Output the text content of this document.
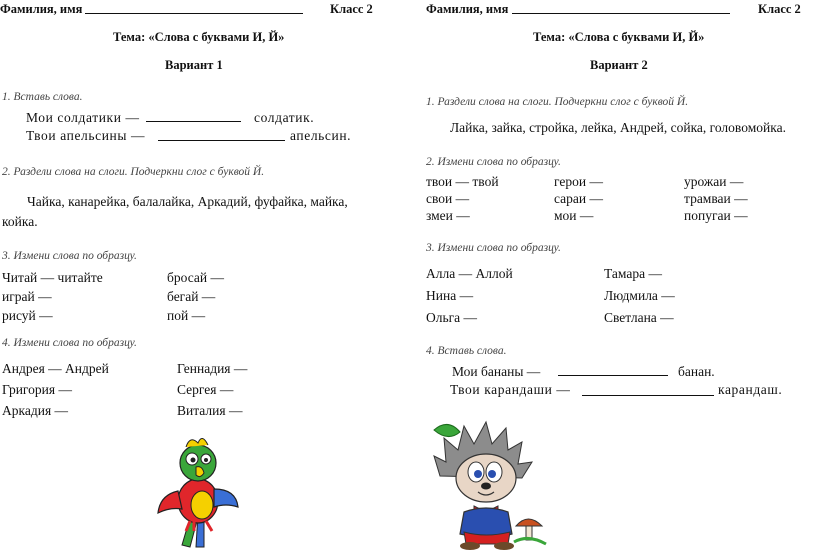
Фамилия, имя	Класс 2
Тема: «Слова с буквами И, Й»
Вариант 1
1. Вставь слова.
Мои солдатики —	солдатик.
Твои апельсины —	апельсин.
2. Раздели слова на слоги. Подчеркни слог с буквой Й.
Чайка, канарейка, балалайка, Аркадий, фуфайка, майка,
койка.
3. Измени слова по образцу.
Читай — читайте	бросай —
играй —	бегай —
рисуй —	пой —
4. Измени слова по образцу.
Андрея — Андрей	Геннадия —
Григория —	Сергея —
Аркадия —	Виталия —
Фамилия, имя	Класс 2
Тема: «Слова с буквами И, Й»
Вариант 2
1. Раздели слова на слоги. Подчеркни слог с буквой Й.
Лайка, зайка, стройка, лейка, Андрей, сойка, головомойка.
2. Измени слова по образцу.
твои — твой	герои —	урожаи —
свои —	сараи —	трамваи —
змеи —	мои —	попугаи —
3. Измени слова по образцу.
Алла — Аллой	Тамара —
Нина —	Людмила —
Ольга —	Светлана —
4. Вставь слова.
Мои бананы —	банан.
Твои карандаши —	карандаш.
